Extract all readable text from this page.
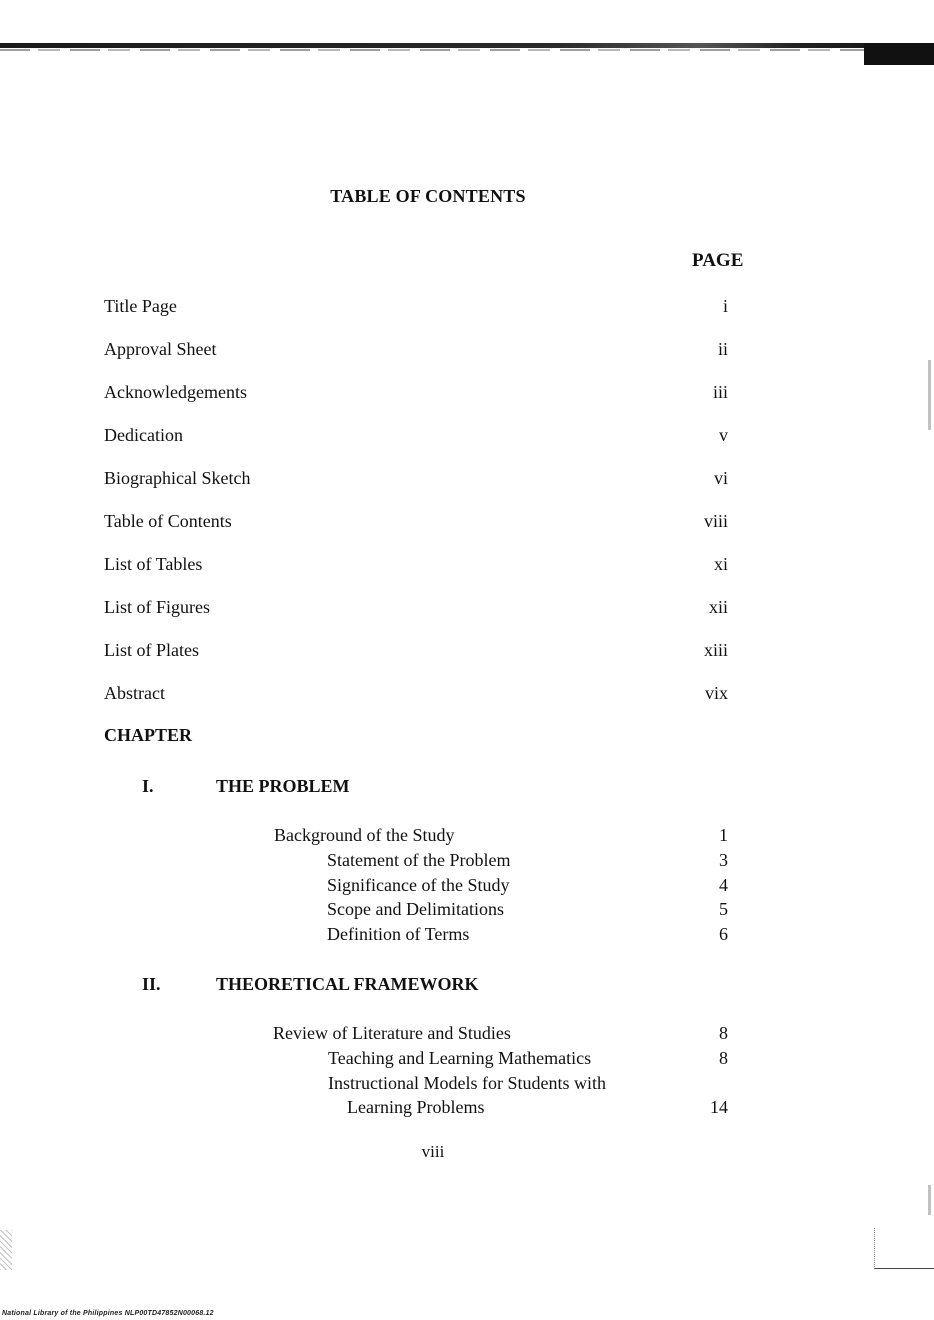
TABLE OF CONTENTS
PAGE
Title Page	i
Approval Sheet	ii
Acknowledgements	iii
Dedication	v
Biographical Sketch	vi
Table of Contents	viii
List of Tables	xi
List of Figures	xii
List of Plates	xiii
Abstract	vix
CHAPTER
I.	THE PROBLEM
Background of the Study	1
Statement of the Problem	3
Significance of the Study	4
Scope and Delimitations	5
Definition of Terms	6
II.	THEORETICAL FRAMEWORK
Review of Literature and Studies	8
Teaching and Learning Mathematics	8
Instructional Models for Students with
Learning Problems	14
viii
National Library of the Philippines NLP00TD47852N00068.12
